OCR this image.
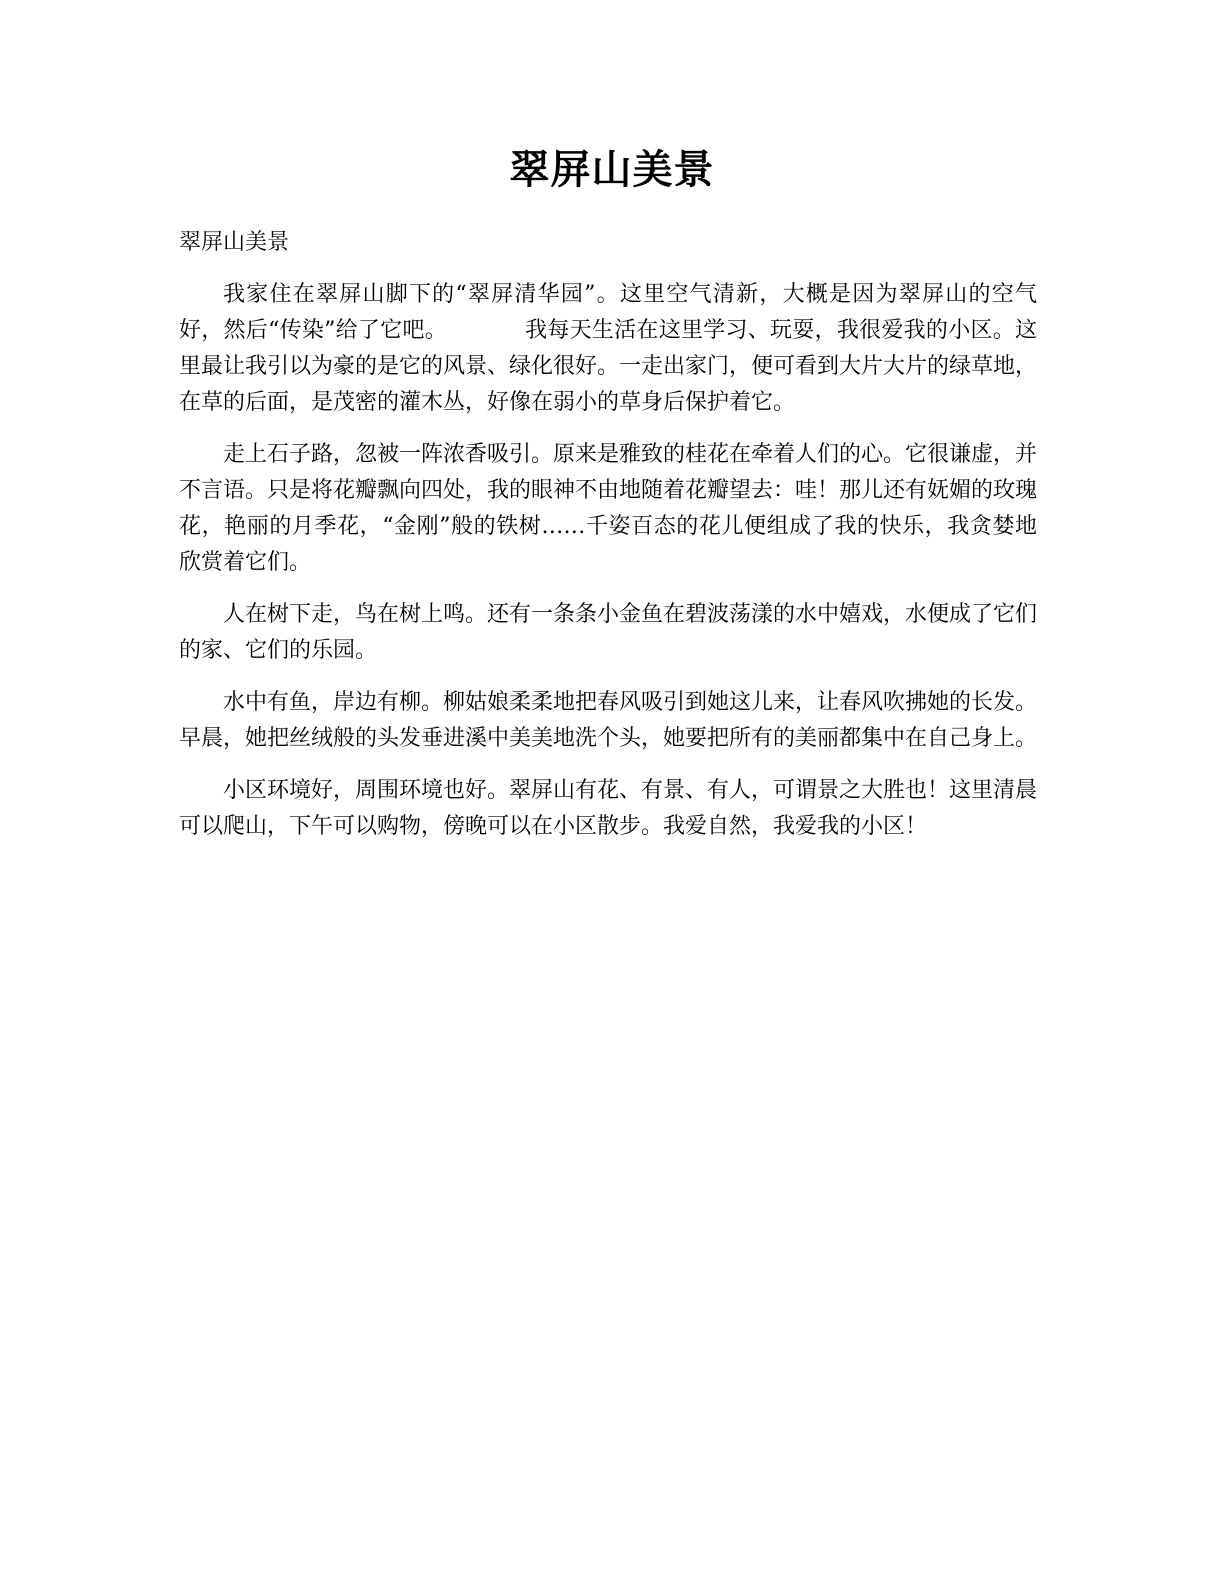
翠屏山美景
翠屏山美景

我家住在翠屏山脚下的“翠屏清华园”。这里空气清新，大概是因为翠屏山的空气好，然后“传染”给了它吧。　　　　我每天生活在这里学习、玩耍，我很爱我的小区。这里最让我引以为豪的是它的风景、绿化很好。一走出家门，便可看到大片大片的绿草地，在草的后面，是茂密的灌木丛，好像在弱小的草身后保护着它。

走上石子路，忽被一阵浓香吸引。原来是雅致的桂花在牵着人们的心。它很谦虚，并不言语。只是将花瓣飘向四处，我的眼神不由地随着花瓣望去：哇！那儿还有妩媚的玫瑰花，艳丽的月季花，“金刚”般的铁树……千姿百态的花儿便组成了我的快乐，我贪婪地欣赏着它们。

人在树下走，鸟在树上鸣。还有一条条小金鱼在碧波荡漾的水中嬉戏，水便成了它们的家、它们的乐园。

水中有鱼，岸边有柳。柳姑娘柔柔地把春风吸引到她这儿来，让春风吹拂她的长发。早晨，她把丝绒般的头发垂进溪中美美地洗个头，她要把所有的美丽都集中在自己身上。

小区环境好，周围环境也好。翠屏山有花、有景、有人，可谓景之大胜也！这里清晨可以爬山，下午可以购物，傍晚可以在小区散步。我爱自然，我爱我的小区！
